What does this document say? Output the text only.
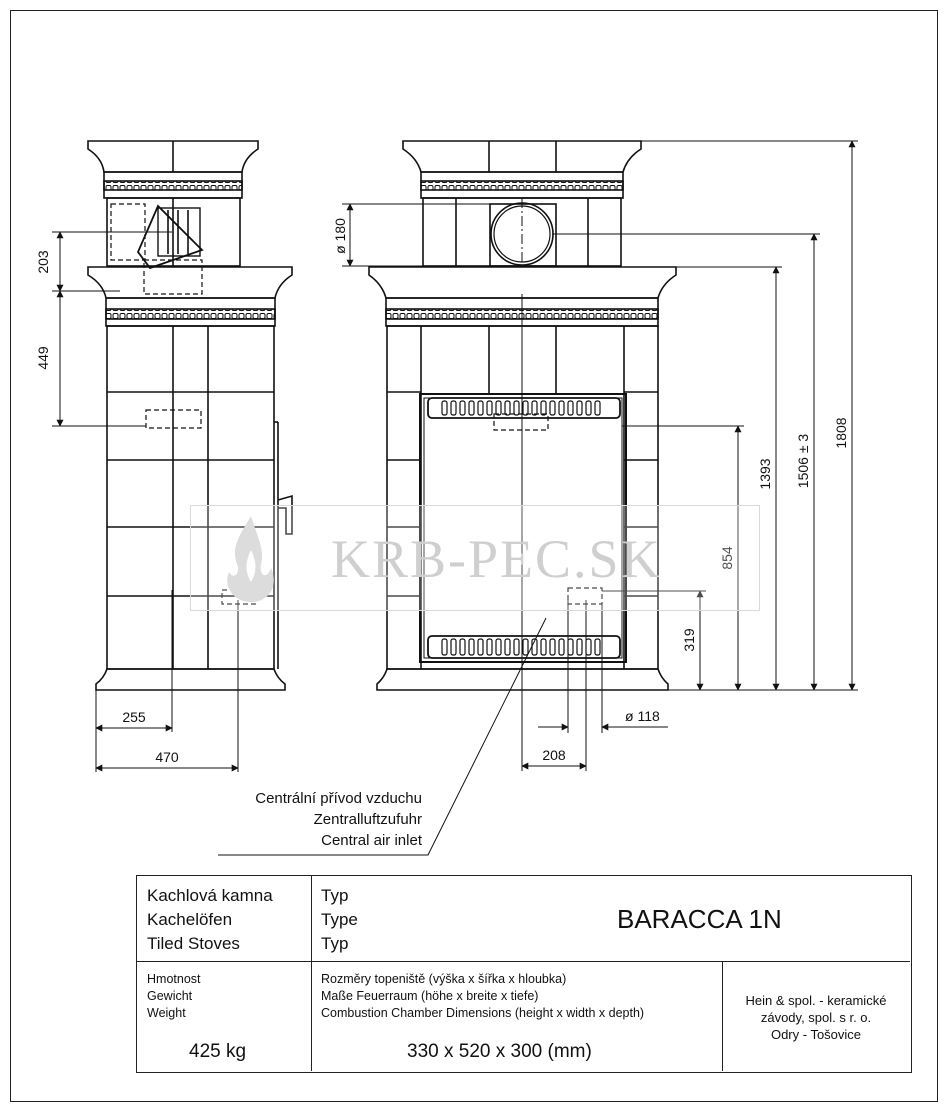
203
449
255
470
ø 180
1808
1506 ± 3
1393
854
319
ø 118
208
KRB-PEC.SK
Centrální přívod vzduchu
Zentralluftzufuhr
Central air inlet
Kachlová kamna
Kachelöfen
Tiled Stoves
Typ
Type
Typ
BARACCA 1N
Hmotnost
Gewicht
Weight
425 kg
Rozměry topeniště (výška x šířka x hloubka)
Maße Feuerraum (höhe x breite x tiefe)
Combustion Chamber Dimensions (height x width x depth)
330 x 520 x 300 (mm)
Hein & spol. - keramické
závody, spol. s r. o.
Odry - Tošovice
